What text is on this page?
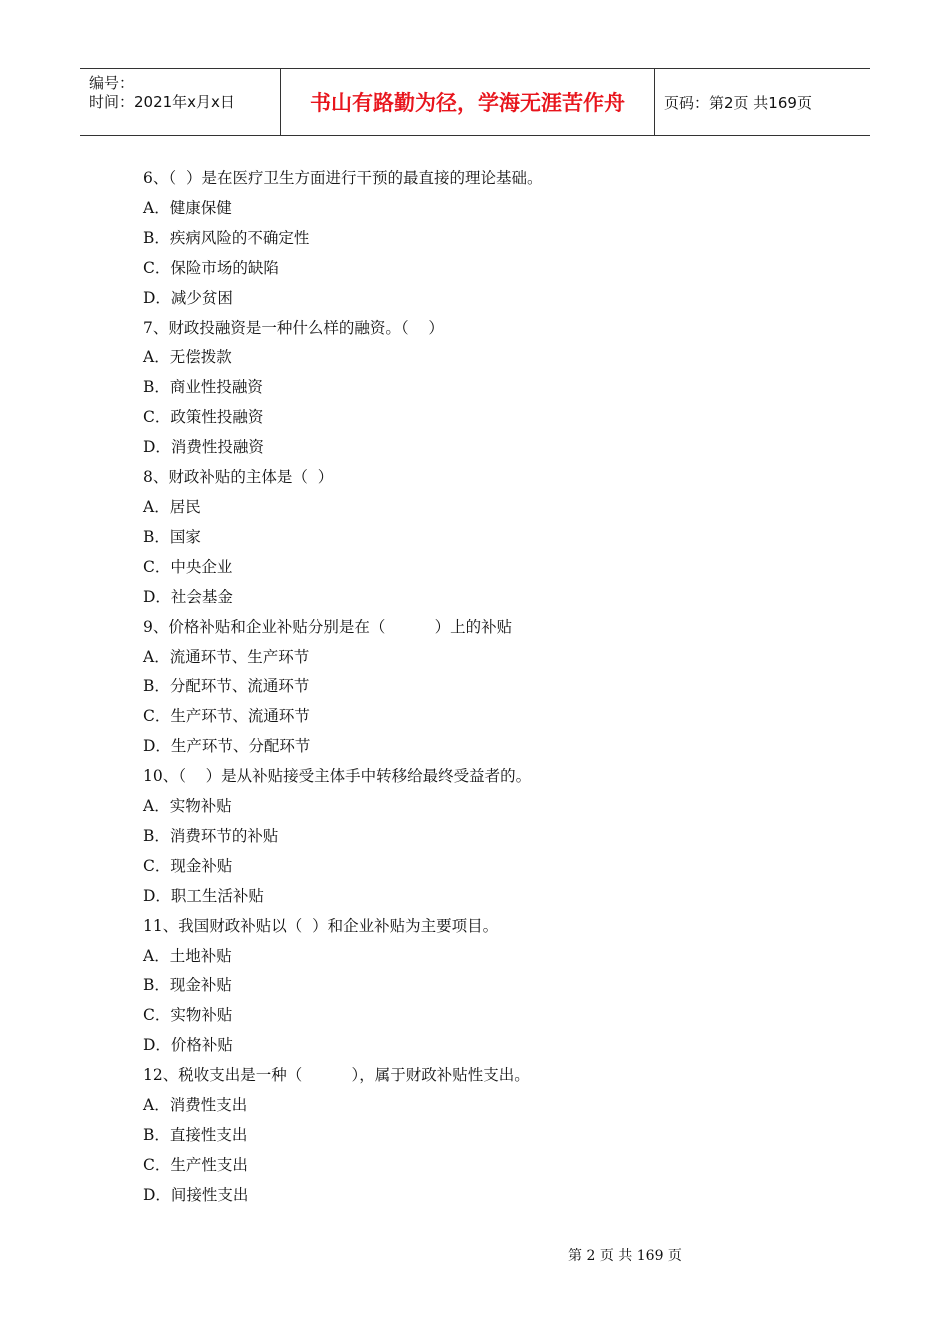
编号：
时间：2021年x月x日	书山有路勤为径，学海无涯苦作舟	页码：第2页 共169页
6、（  ）是在医疗卫生方面进行干预的最直接的理论基础。
A．健康保健
B．疾病风险的不确定性
C．保险市场的缺陷
D．减少贫困
7、财政投融资是一种什么样的融资。（    ）
A．无偿拨款
B．商业性投融资
C．政策性投融资
D．消费性投融资
8、财政补贴的主体是（  ）
A．居民
B．国家
C．中央企业
D．社会基金
9、价格补贴和企业补贴分别是在（          ）上的补贴
A．流通环节、生产环节
B．分配环节、流通环节
C．生产环节、流通环节
D．生产环节、分配环节
10、（    ）是从补贴接受主体手中转移给最终受益者的。
A．实物补贴
B．消费环节的补贴
C．现金补贴
D．职工生活补贴
11、我国财政补贴以（  ）和企业补贴为主要项目。
A．土地补贴
B．现金补贴
C．实物补贴
D．价格补贴
12、税收支出是一种（          ），属于财政补贴性支出。
A．消费性支出
B．直接性支出
C．生产性支出
D．间接性支出
第 2 页 共 169 页
